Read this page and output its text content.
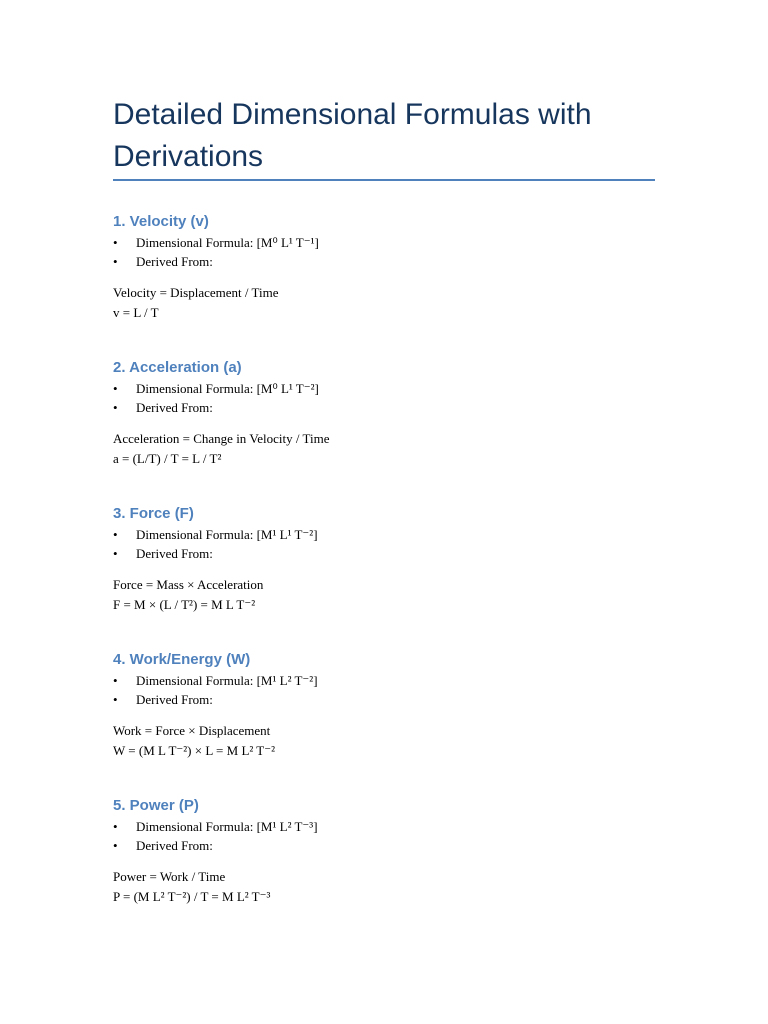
Detailed Dimensional Formulas with Derivations
1. Velocity (v)
• Dimensional Formula: [M⁰ L¹ T⁻¹]
• Derived From:
Velocity = Displacement / Time
v = L / T
2. Acceleration (a)
• Dimensional Formula: [M⁰ L¹ T⁻²]
• Derived From:
Acceleration = Change in Velocity / Time
a = (L/T) / T = L / T²
3. Force (F)
• Dimensional Formula: [M¹ L¹ T⁻²]
• Derived From:
Force = Mass × Acceleration
F = M × (L / T²) = M L T⁻²
4. Work/Energy (W)
• Dimensional Formula: [M¹ L² T⁻²]
• Derived From:
Work = Force × Displacement
W = (M L T⁻²) × L = M L² T⁻²
5. Power (P)
• Dimensional Formula: [M¹ L² T⁻³]
• Derived From:
Power = Work / Time
P = (M L² T⁻²) / T = M L² T⁻³
